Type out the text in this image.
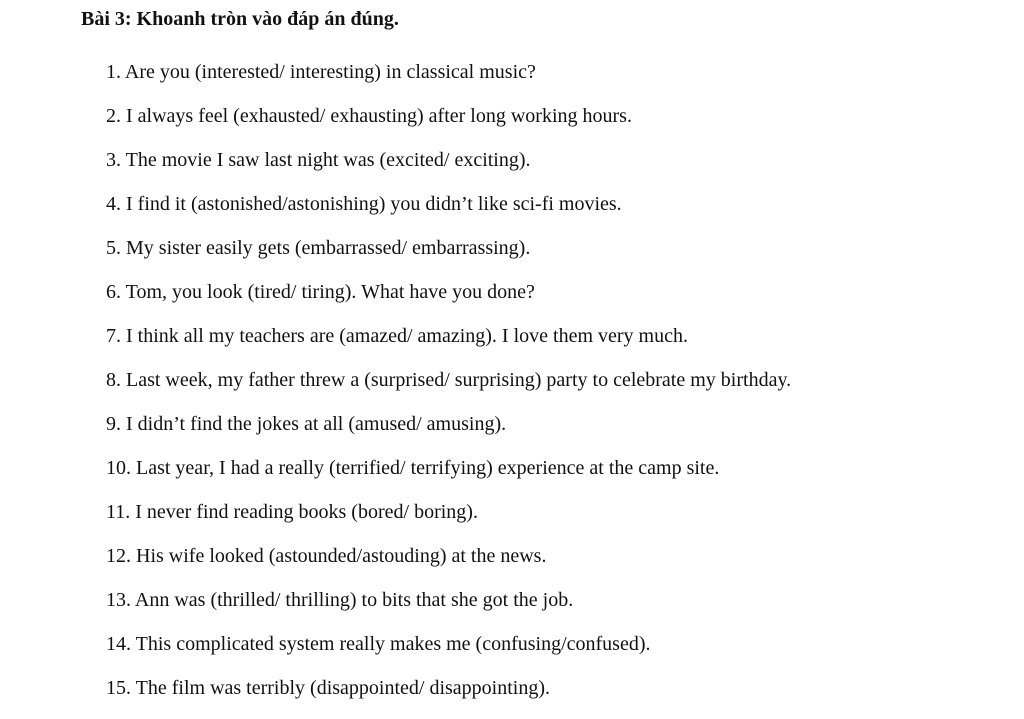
Bài 3: Khoanh tròn vào đáp án đúng.
1. Are you (interested/ interesting) in classical music?
2. I always feel (exhausted/ exhausting) after long working hours.
3. The movie I saw last night was (excited/ exciting).
4. I find it (astonished/astonishing) you didn’t like sci-fi movies.
5. My sister easily gets (embarrassed/ embarrassing).
6. Tom, you look (tired/ tiring). What have you done?
7. I think all my teachers are (amazed/ amazing). I love them very much.
8. Last week, my father threw a (surprised/ surprising) party to celebrate my birthday.
9. I didn’t find the jokes at all (amused/ amusing).
10. Last year, I had a really (terrified/ terrifying) experience at the camp site.
11. I never find reading books (bored/ boring).
12. His wife looked (astounded/astouding) at the news.
13. Ann was (thrilled/ thrilling) to bits that she got the job.
14. This complicated system really makes me (confusing/confused).
15. The film was terribly (disappointed/ disappointing).
